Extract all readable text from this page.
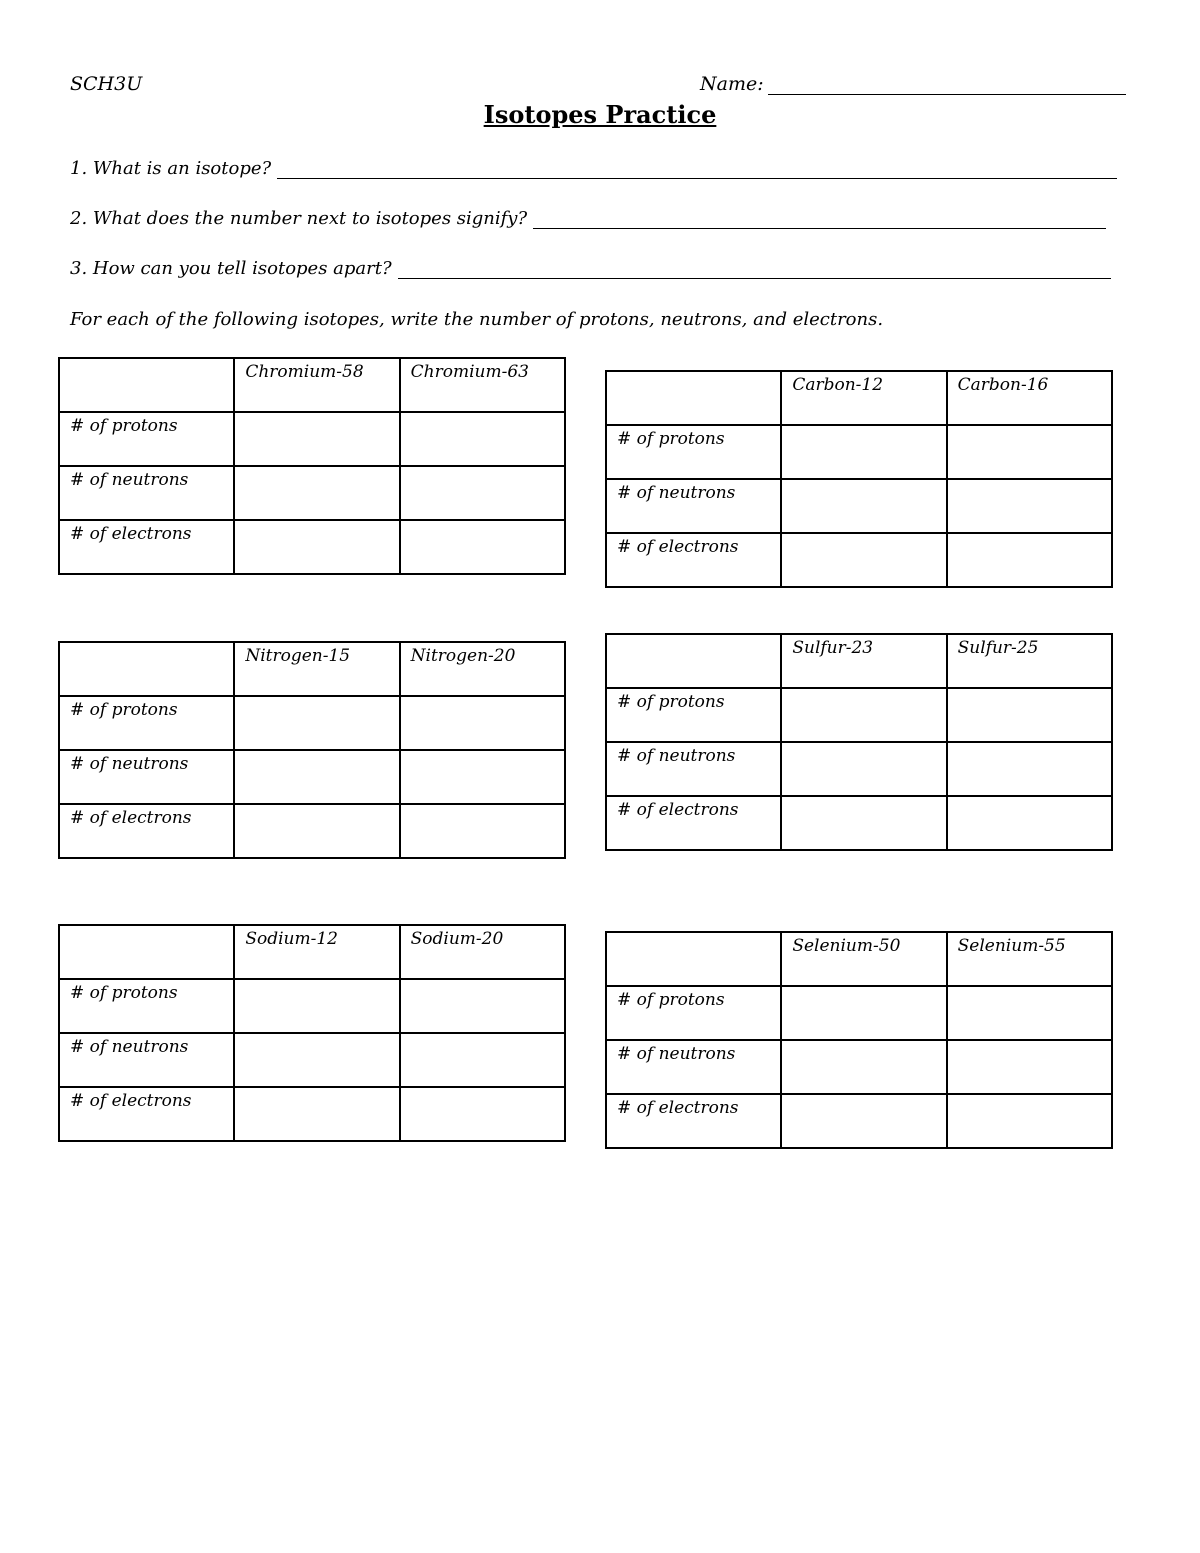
SCH3U	Name:
Isotopes Practice
1. What is an isotope?
2. What does the number next to isotopes signify?
3. How can you tell isotopes apart?
For each of the following isotopes, write the number of protons, neutrons, and electrons.
	Chromium-58	Chromium-63
# of protons		
# of neutrons		
# of electrons		
	Carbon-12	Carbon-16
# of protons		
# of neutrons		
# of electrons		
	Nitrogen-15	Nitrogen-20
# of protons		
# of neutrons		
# of electrons		
	Sulfur-23	Sulfur-25
# of protons		
# of neutrons		
# of electrons		
	Sodium-12	Sodium-20
# of protons		
# of neutrons		
# of electrons		
	Selenium-50	Selenium-55
# of protons		
# of neutrons		
# of electrons		
